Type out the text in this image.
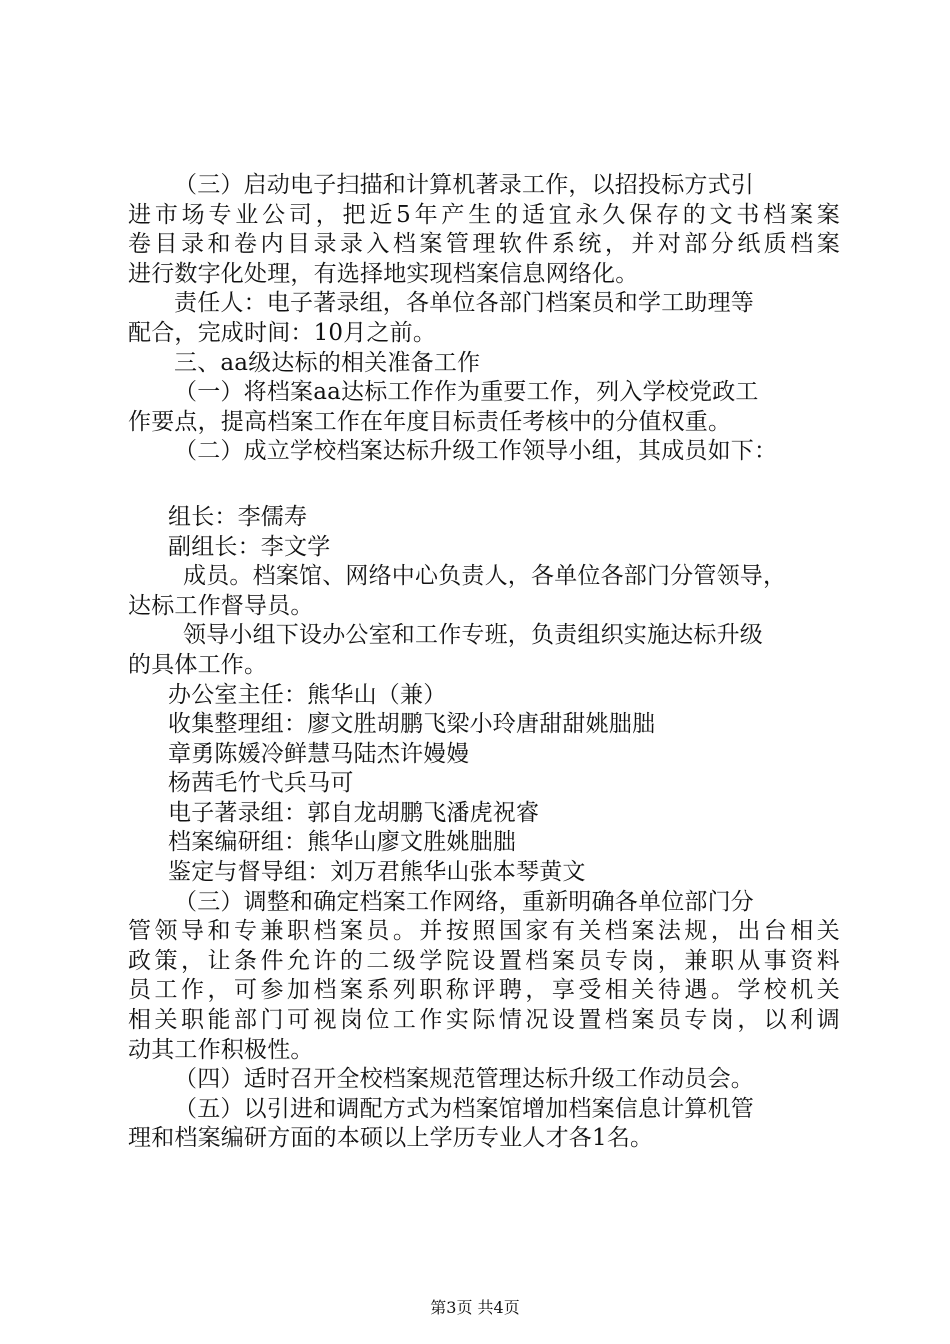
（三）启动电子扫描和计算机著录工作，以招投标方式引
进市场专业公司，把近5年产生的适宜永久保存的文书档案案
卷目录和卷内目录录入档案管理软件系统，并对部分纸质档案
进行数字化处理，有选择地实现档案信息网络化。
责任人：电子著录组，各单位各部门档案员和学工助理等
配合，完成时间：10月之前。
三、aa级达标的相关准备工作
（一）将档案aa达标工作作为重要工作，列入学校党政工
作要点，提高档案工作在年度目标责任考核中的分值权重。
（二）成立学校档案达标升级工作领导小组，其成员如下：
组长：李儒寿
副组长：李文学
成员。档案馆、网络中心负责人，各单位各部门分管领导，
达标工作督导员。
领导小组下设办公室和工作专班，负责组织实施达标升级
的具体工作。
办公室主任：熊华山（兼）
收集整理组：廖文胜胡鹏飞梁小玲唐甜甜姚朏朏
章勇陈媛冷鲜慧马陆杰许嫚嫚
杨茜毛竹弋兵马可
电子著录组：郭自龙胡鹏飞潘虎祝睿
档案编研组：熊华山廖文胜姚朏朏
鉴定与督导组：刘万君熊华山张本琴黄文
（三）调整和确定档案工作网络，重新明确各单位部门分
管领导和专兼职档案员。并按照国家有关档案法规，出台相关
政策，让条件允许的二级学院设置档案员专岗，兼职从事资料
员工作，可参加档案系列职称评聘，享受相关待遇。学校机关
相关职能部门可视岗位工作实际情况设置档案员专岗，以利调
动其工作积极性。
（四）适时召开全校档案规范管理达标升级工作动员会。
（五）以引进和调配方式为档案馆增加档案信息计算机管
理和档案编研方面的本硕以上学历专业人才各1名。
第3页 共4页
